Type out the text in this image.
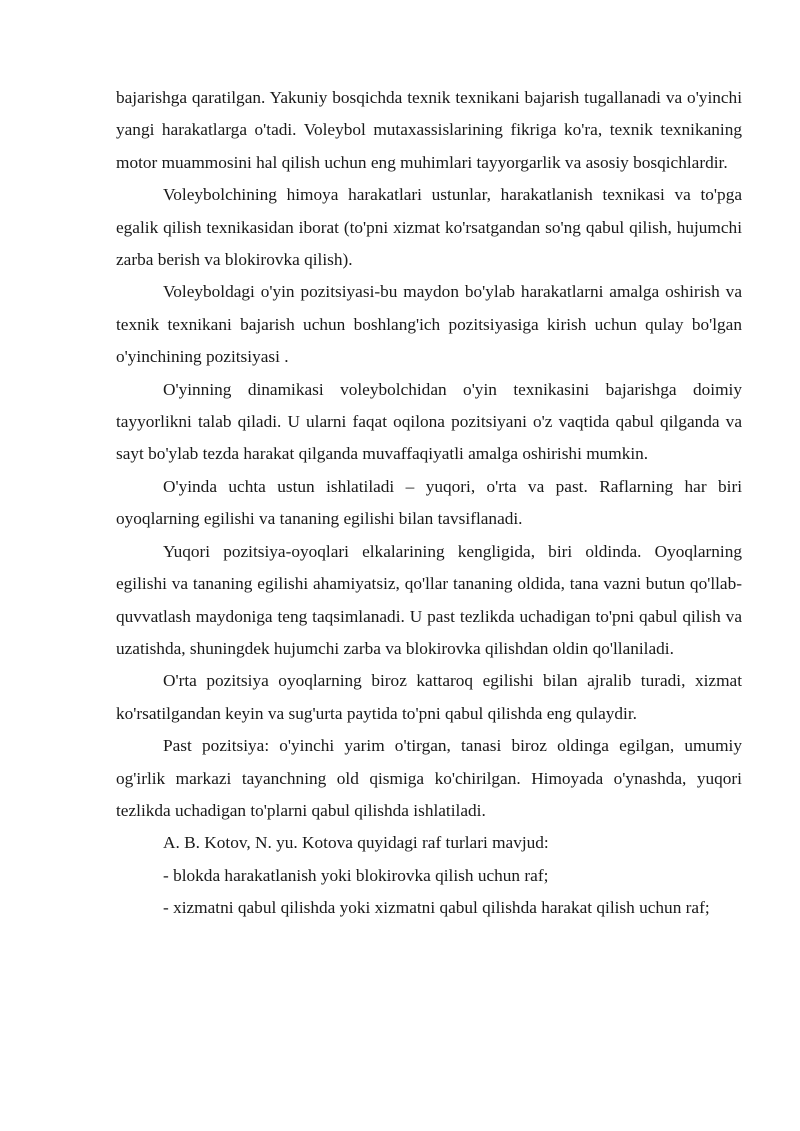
bajarishga qaratilgan. Yakuniy bosqichda texnik texnikani bajarish tugallanadi va o'yinchi yangi harakatlarga o'tadi. Voleybol mutaxassislarining fikriga ko'ra, texnik texnikaning motor muammosini hal qilish uchun eng muhimlari tayyorgarlik va asosiy bosqichlardir.

Voleybolchining himoya harakatlari ustunlar, harakatlanish texnikasi va to'pga egalik qilish texnikasidan iborat (to'pni xizmat ko'rsatgandan so'ng qabul qilish, hujumchi zarba berish va blokirovka qilish).

Voleyboldagi o'yin pozitsiyasi-bu maydon bo'ylab harakatlarni amalga oshirish va texnik texnikani bajarish uchun boshlang'ich pozitsiyasiga kirish uchun qulay bo'lgan o'yinchining pozitsiyasi .

O'yinning dinamikasi voleybolchidan o'yin texnikasini bajarishga doimiy tayyorlikni talab qiladi. U ularni faqat oqilona pozitsiyani o'z vaqtida qabul qilganda va sayt bo'ylab tezda harakat qilganda muvaffaqiyatli amalga oshirishi mumkin.

O'yinda uchta ustun ishlatiladi – yuqori, o'rta va past. Raflarning har biri oyoqlarning egilishi va tananing egilishi bilan tavsiflanadi.

Yuqori pozitsiya-oyoqlari elkalarining kengligida, biri oldinda. Oyoqlarning egilishi va tananing egilishi ahamiyatsiz, qo'llar tananing oldida, tana vazni butun qo'llab-quvvatlash maydoniga teng taqsimlanadi. U past tezlikda uchadigan to'pni qabul qilish va uzatishda, shuningdek hujumchi zarba va blokirovka qilishdan oldin qo'llaniladi.

O'rta pozitsiya oyoqlarning biroz kattaroq egilishi bilan ajralib turadi, xizmat ko'rsatilgandan keyin va sug'urta paytida to'pni qabul qilishda eng qulaydir.

Past pozitsiya: o'yinchi yarim o'tirgan, tanasi biroz oldinga egilgan, umumiy og'irlik markazi tayanchning old qismiga ko'chirilgan. Himoyada o'ynashda, yuqori tezlikda uchadigan to'plarni qabul qilishda ishlatiladi.

A. B. Kotov, N. yu. Kotova quyidagi raf turlari mavjud:

- blokda harakatlanish yoki blokirovka qilish uchun raf;

- xizmatni qabul qilishda yoki xizmatni qabul qilishda harakat qilish uchun raf;
